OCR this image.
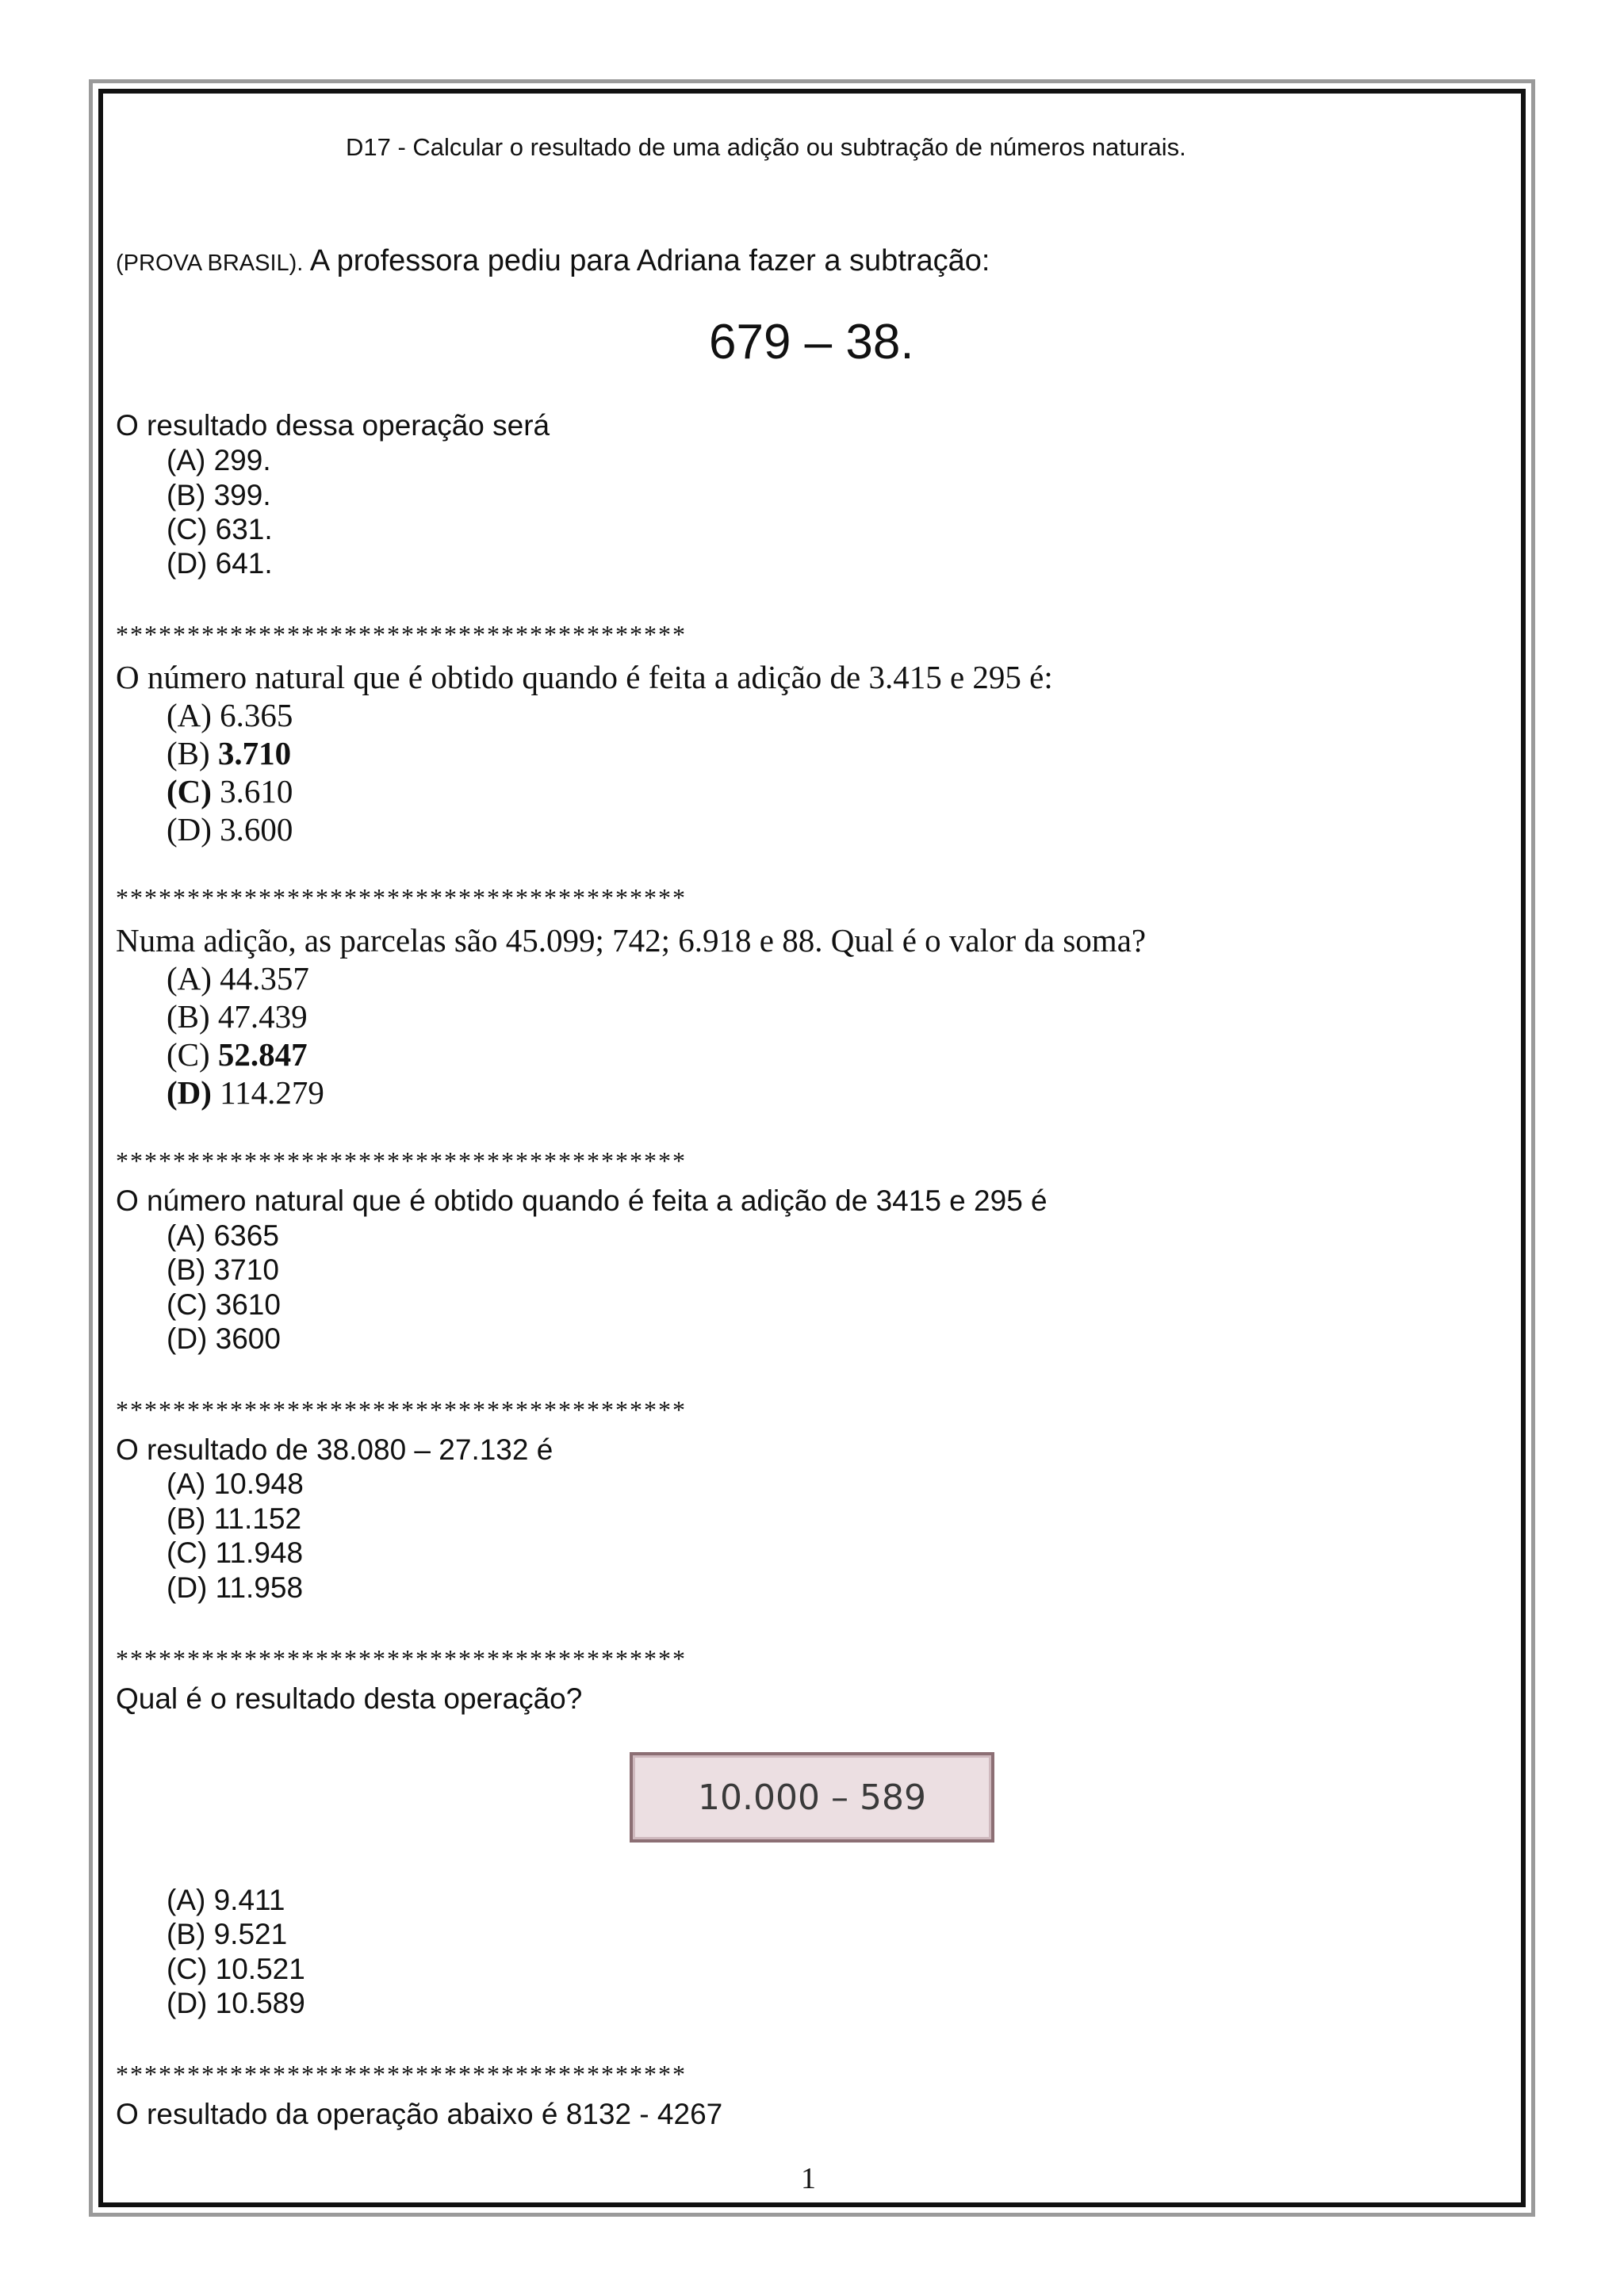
D17 - Calcular o resultado de uma adição ou subtração de números naturais.
(PROVA BRASIL). A professora pediu para Adriana fazer a subtração:
679 – 38.
O resultado dessa operação será
(A) 299.
(B) 399.
(C) 631.
(D) 641.
****************************************
O número natural que é obtido quando é feita a adição de 3.415 e 295 é:
(A) 6.365
(B) 3.710
(C) 3.610
(D) 3.600
****************************************
Numa adição, as parcelas são 45.099; 742; 6.918 e 88. Qual é o valor da soma?
(A) 44.357
(B) 47.439
(C) 52.847
(D) 114.279
****************************************
O número natural que é obtido quando é feita a adição de 3415 e 295 é
(A) 6365
(B) 3710
(C) 3610
(D) 3600
****************************************
O resultado de 38.080 – 27.132 é
(A) 10.948
(B) 11.152
(C) 11.948
(D) 11.958
****************************************
Qual é o resultado desta operação?
10.000 – 589
(A) 9.411
(B) 9.521
(C) 10.521
(D) 10.589
****************************************
O resultado da operação abaixo é 8132 - 4267
1
